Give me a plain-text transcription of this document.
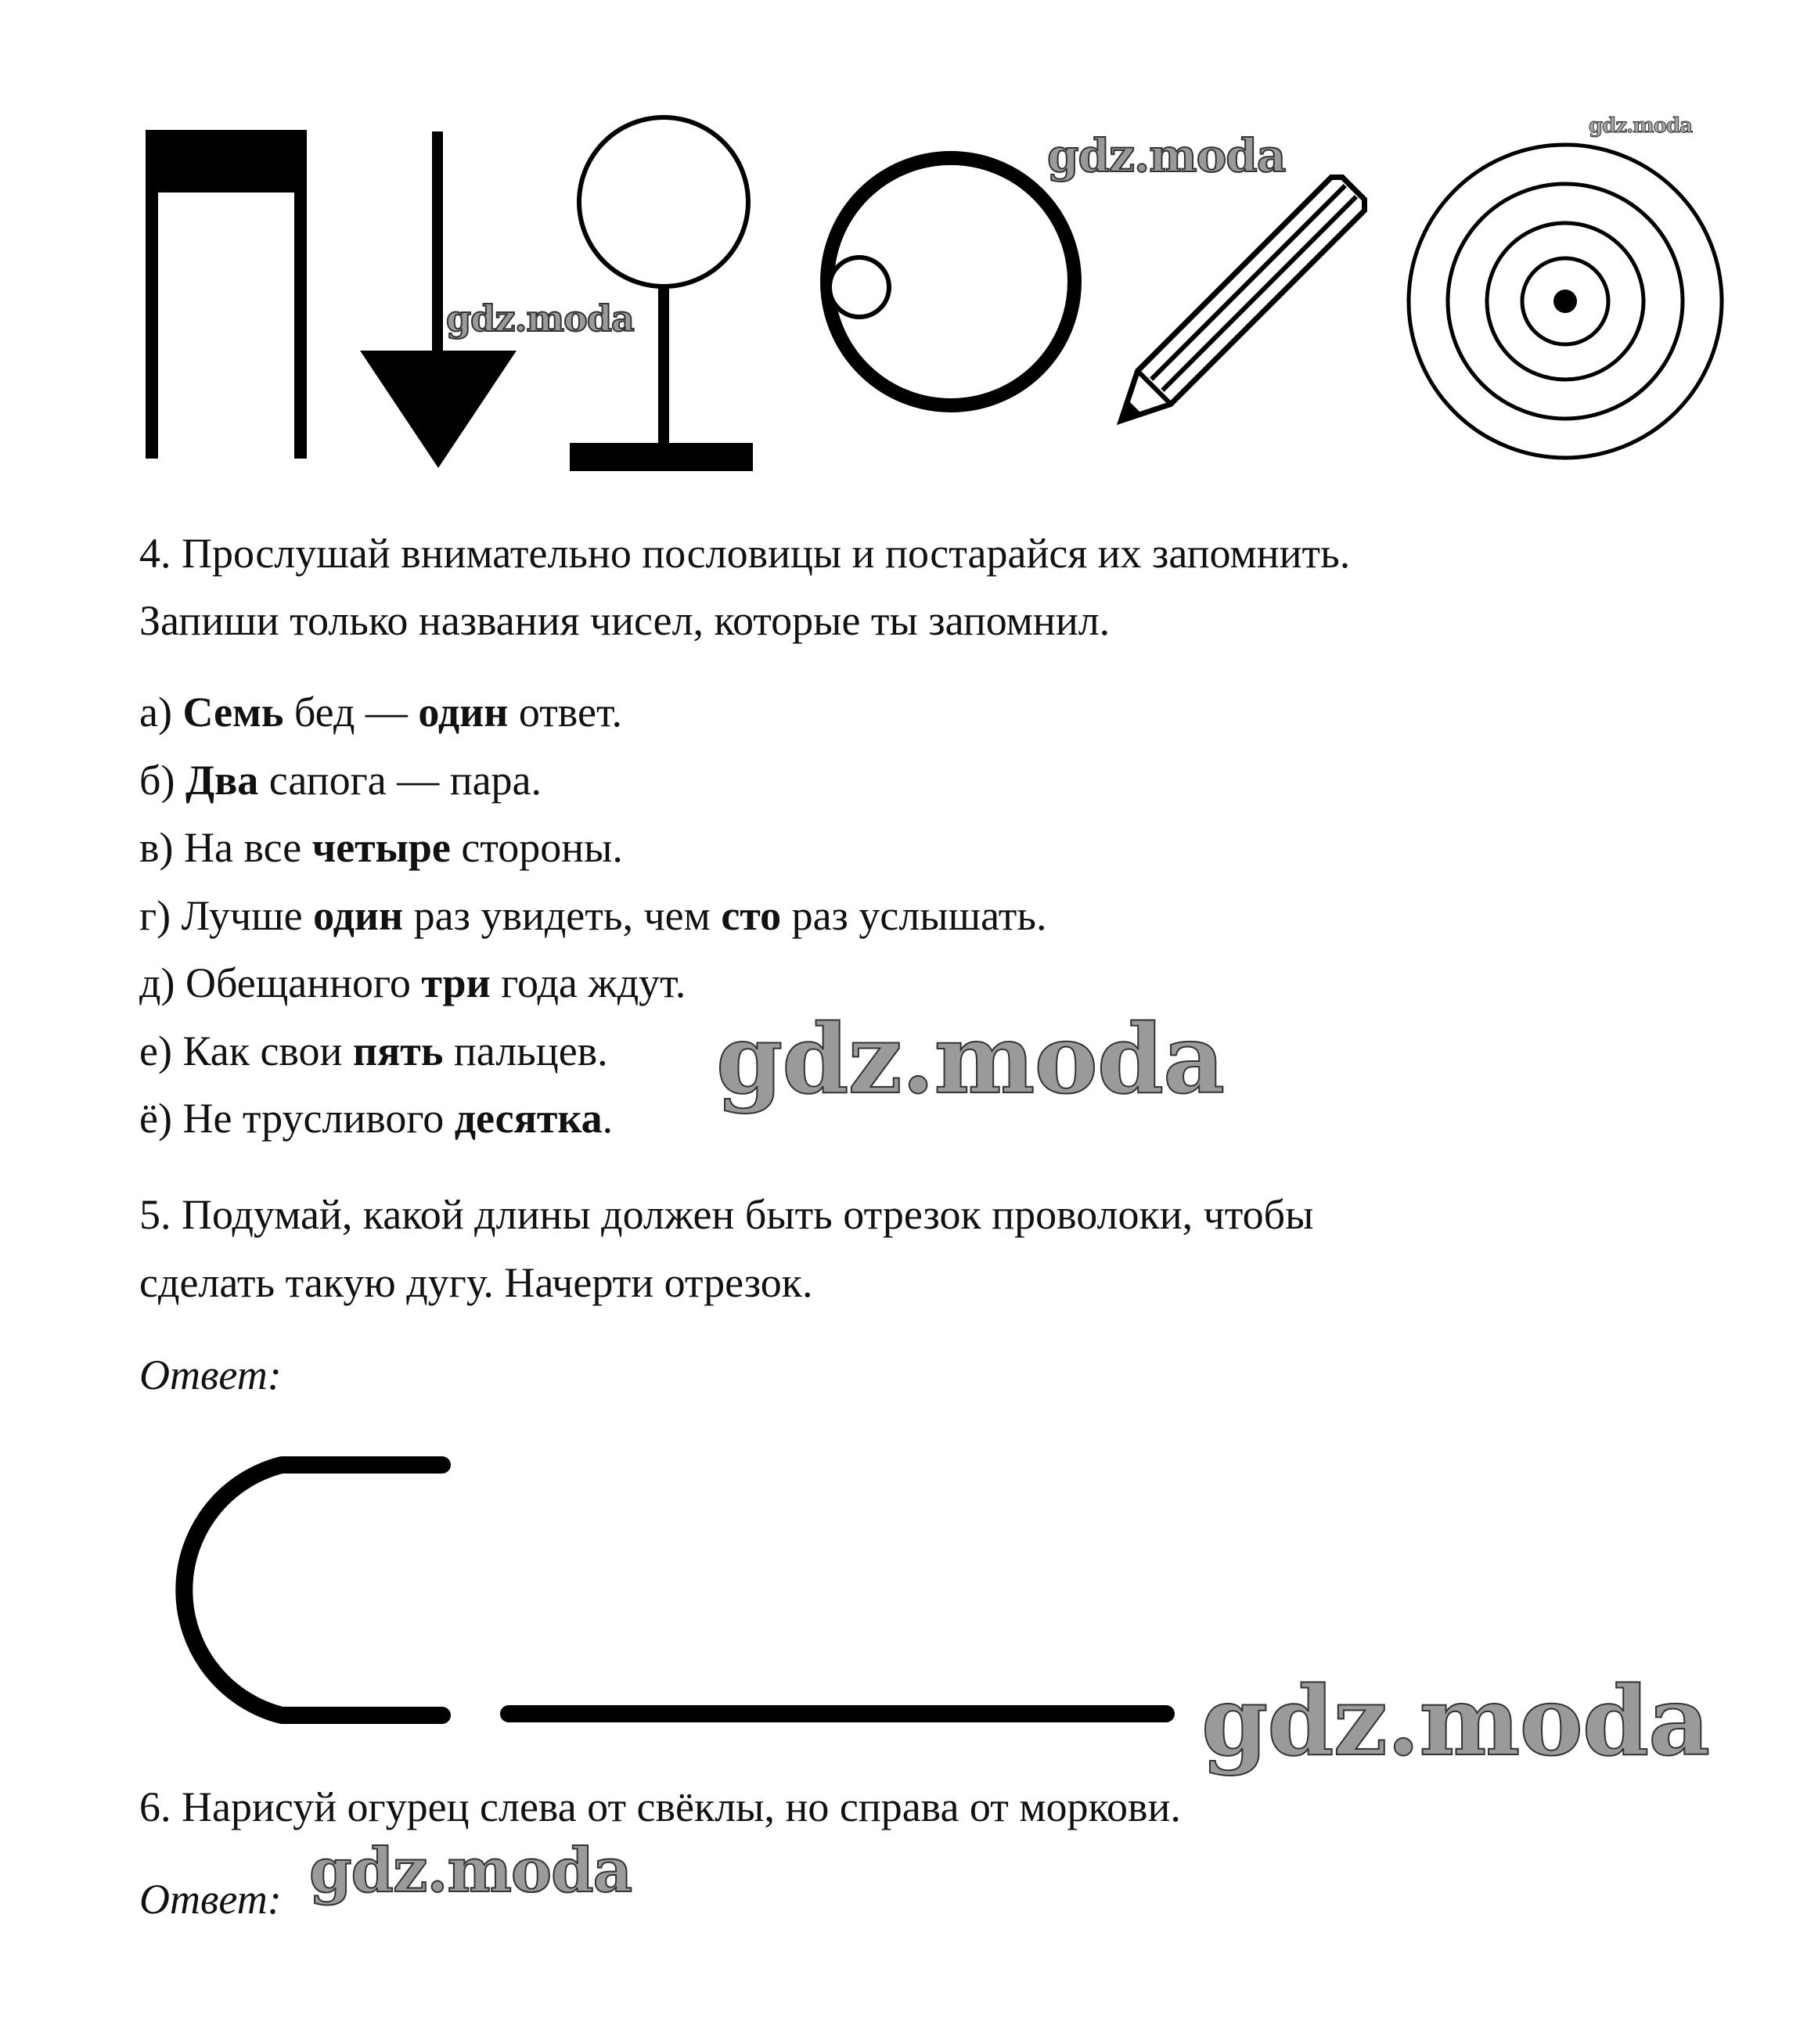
gdz.moda
gdz.moda
gdz.moda
4. Прослушай внимательно пословицы и постарайся их запомнить.
Запиши только названия чисел, которые ты запомнил.
а) Семь бед — один ответ.
б) Два сапога — пара.
в) На все четыре стороны.
г) Лучше один раз увидеть, чем сто раз услышать.
д) Обещанного три года ждут.
е) Как свои пять пальцев.
ё) Не трусливого десятка.
gdz.moda
5. Подумай, какой длины должен быть отрезок проволоки, чтобы
сделать такую дугу. Начерти отрезок.
Ответ:
gdz.moda
6. Нарисуй огурец слева от свёклы, но справа от моркови.
Ответ: gdz.moda
